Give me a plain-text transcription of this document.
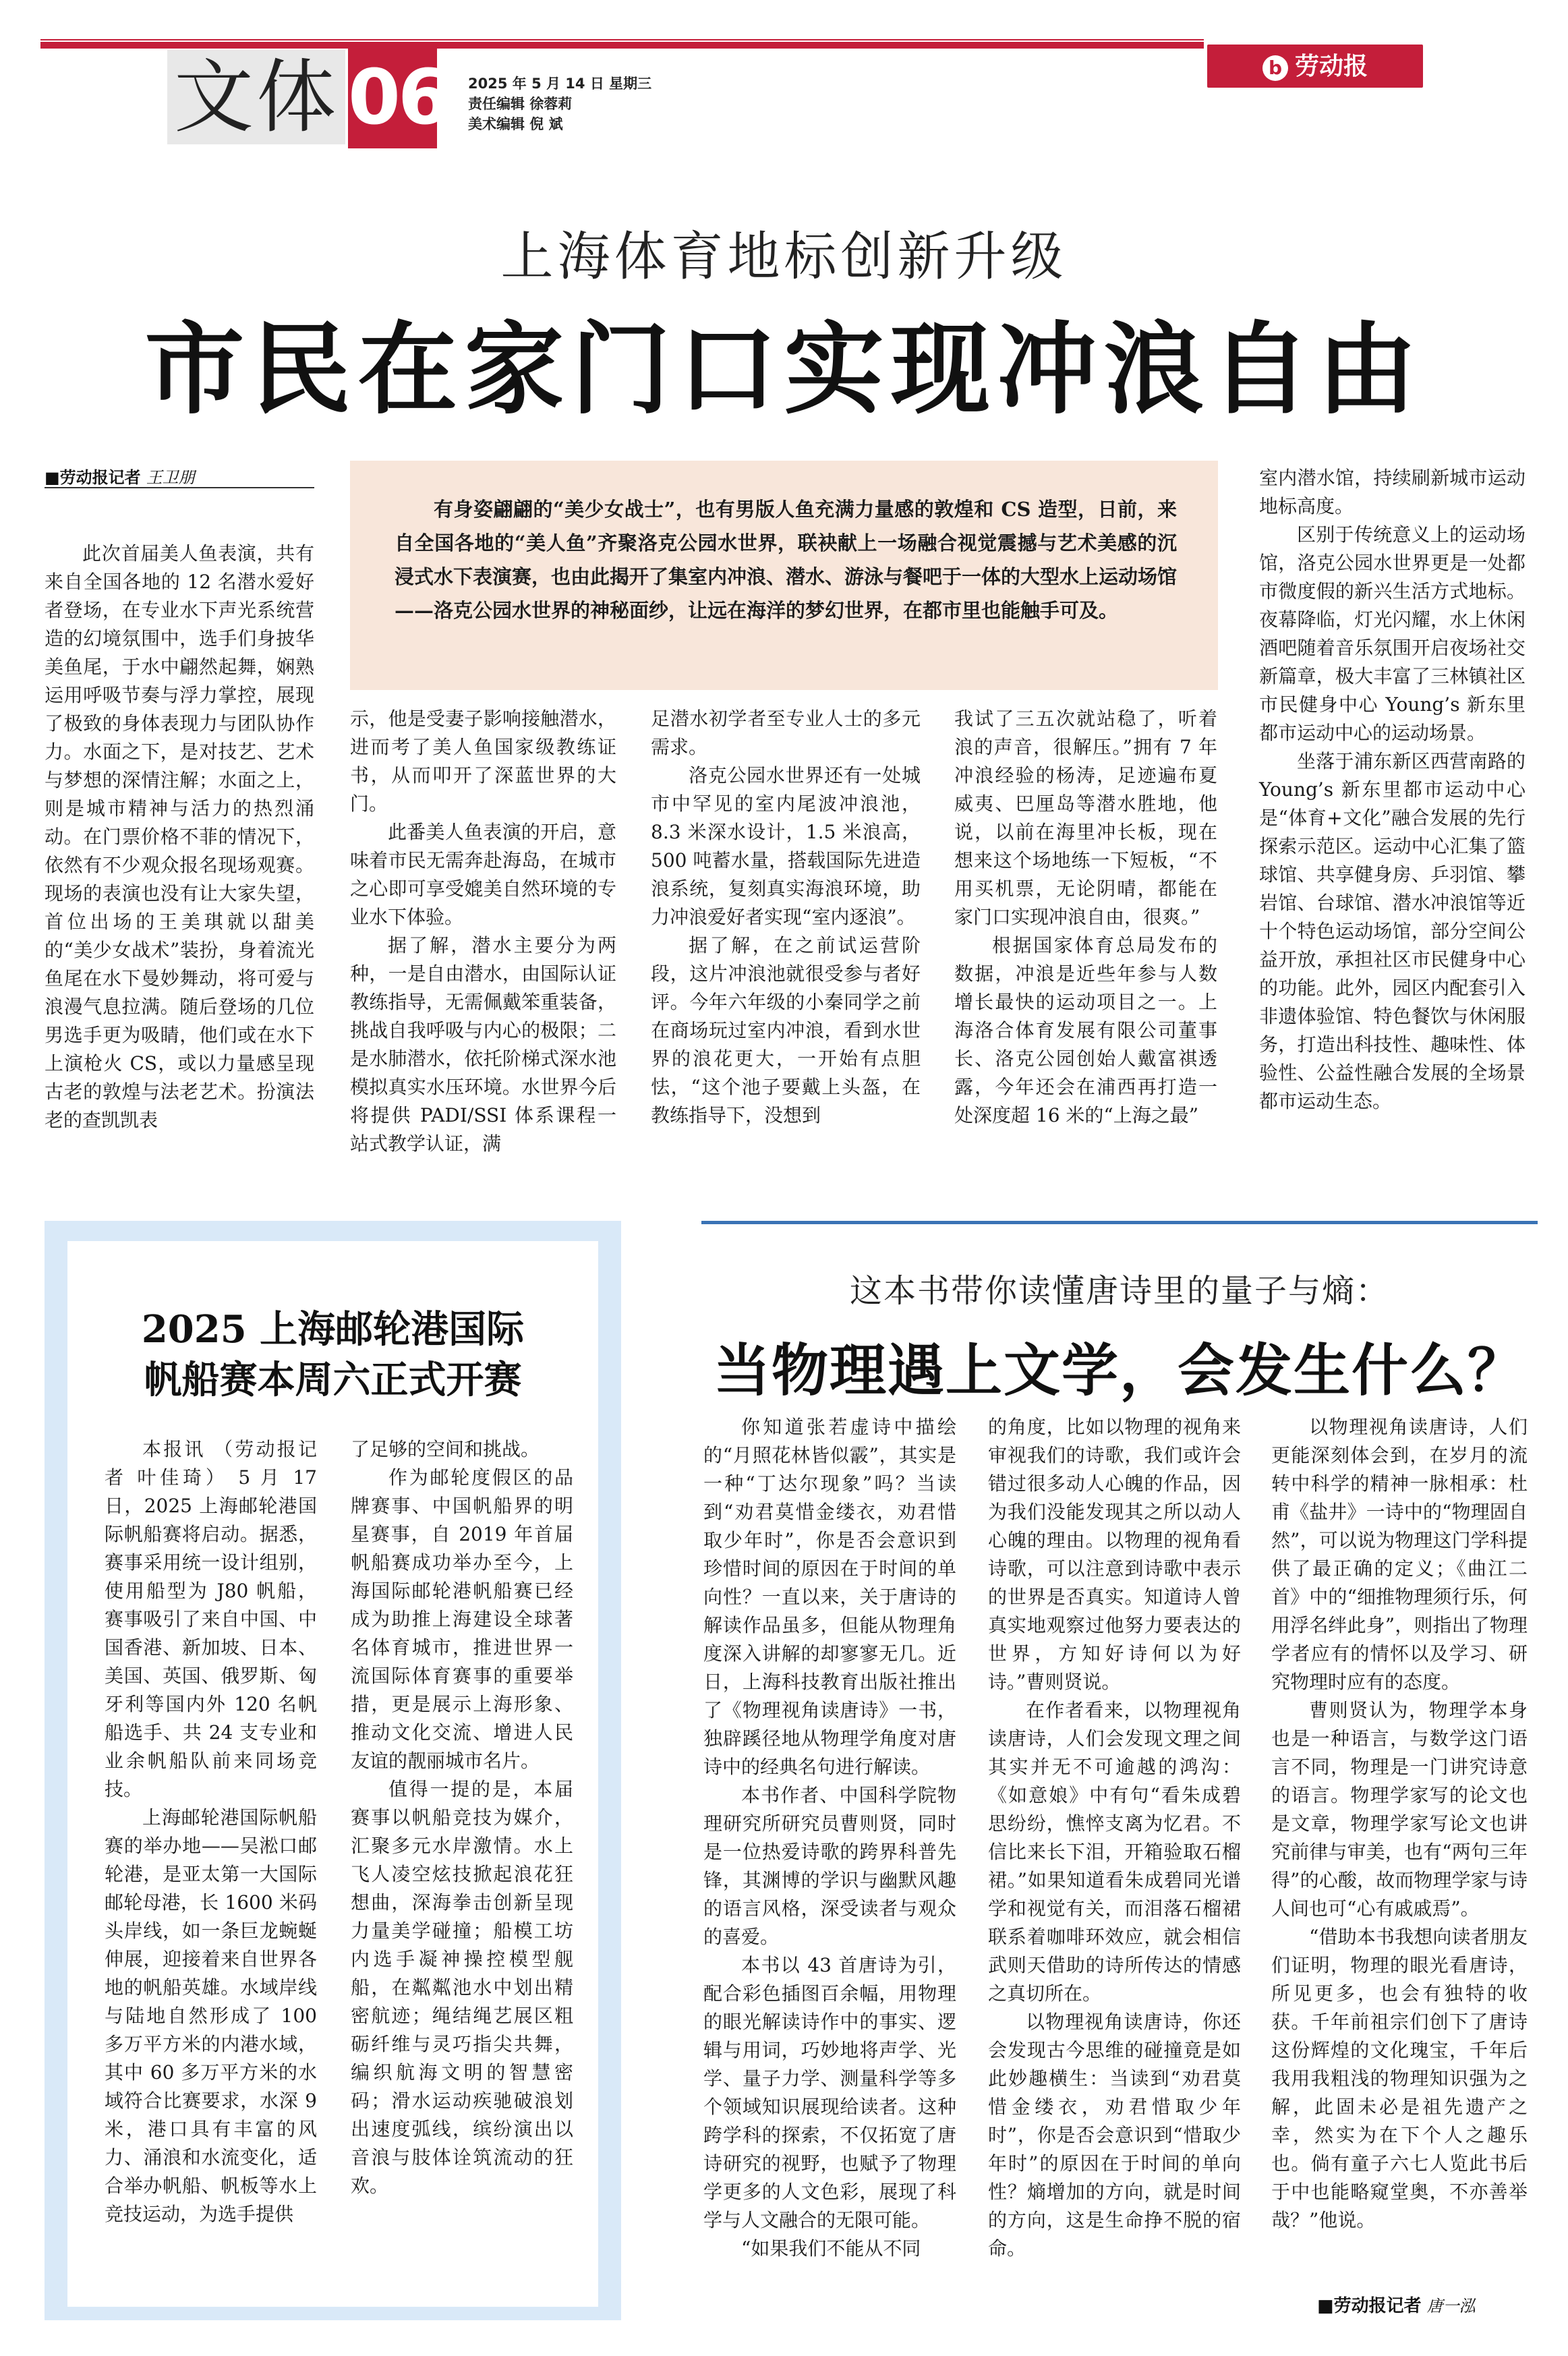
文体 06 2025 年 5 月 14 日 星期三
责任编辑 徐蓉莉
美术编辑 倪 斌
b 劳动报
上海体育地标创新升级
市民在家门口实现冲浪自由
■劳动报记者 王卫朋

有身姿翩翩的“美少女战士”，也有男版人鱼充满力量感的敦煌和 CS 造型，日前，来自全国各地的“美人鱼”齐聚洛克公园水世界，联袂献上一场融合视觉震撼与艺术美感的沉浸式水下表演赛，也由此揭开了集室内冲浪、潜水、游泳与餐吧于一体的大型水上运动场馆——洛克公园水世界的神秘面纱，让远在海洋的梦幻世界，在都市里也能触手可及。

此次首届美人鱼表演，共有来自全国各地的 12 名潜水爱好者登场，在专业水下声光系统营造的幻境氛围中，选手们身披华美鱼尾，于水中翩然起舞，娴熟运用呼吸节奏与浮力掌控，展现了极致的身体表现力与团队协作力。水面之下，是对技艺、艺术与梦想的深情注解；水面之上，则是城市精神与活力的热烈涌动。在门票价格不菲的情况下，依然有不少观众报名现场观赛。现场的表演也没有让大家失望，首位出场的王美琪就以甜美的“美少女战术”装扮，身着流光鱼尾在水下曼妙舞动，将可爱与浪漫气息拉满。随后登场的几位男选手更为吸睛，他们或在水下上演枪火 CS，或以力量感呈现古老的敦煌与法老艺术。扮演法老的查凯凯表

示，他是受妻子影响接触潜水，进而考了美人鱼国家级教练证书，从而叩开了深蓝世界的大门。

此番美人鱼表演的开启，意味着市民无需奔赴海岛，在城市之心即可享受媲美自然环境的专业水下体验。

据了解，潜水主要分为两种，一是自由潜水，由国际认证教练指导，无需佩戴笨重装备，挑战自我呼吸与内心的极限；二是水肺潜水，依托阶梯式深水池模拟真实水压环境。水世界今后将提供 PADI/SSI 体系课程一站式教学认证，满

足潜水初学者至专业人士的多元需求。

洛克公园水世界还有一处城市中罕见的室内尾波冲浪池，8.3 米深水设计，1.5 米浪高，500 吨蓄水量，搭载国际先进造浪系统，复刻真实海浪环境，助力冲浪爱好者实现“室内逐浪”。

据了解，在之前试运营阶段，这片冲浪池就很受参与者好评。今年六年级的小秦同学之前在商场玩过室内冲浪，看到水世界的浪花更大，一开始有点胆怯，“这个池子要戴上头盔，在教练指导下，没想到

我试了三五次就站稳了，听着浪的声音，很解压。”拥有 7 年冲浪经验的杨涛，足迹遍布夏威夷、巴厘岛等潜水胜地，他说，以前在海里冲长板，现在想来这个场地练一下短板，“不用买机票，无论阴晴，都能在家门口实现冲浪自由，很爽。”

根据国家体育总局发布的数据，冲浪是近些年参与人数增长最快的运动项目之一。上海洛合体育发展有限公司董事长、洛克公园创始人戴富祺透露，今年还会在浦西再打造一处深度超 16 米的“上海之最”

室内潜水馆，持续刷新城市运动地标高度。

区别于传统意义上的运动场馆，洛克公园水世界更是一处都市微度假的新兴生活方式地标。夜幕降临，灯光闪耀，水上休闲酒吧随着音乐氛围开启夜场社交新篇章，极大丰富了三林镇社区市民健身中心 Young’s 新东里都市运动中心的运动场景。

坐落于浦东新区西营南路的 Young’s 新东里都市运动中心是“体育+文化”融合发展的先行探索示范区。运动中心汇集了篮球馆、共享健身房、乒羽馆、攀岩馆、台球馆、潜水冲浪馆等近十个特色运动场馆，部分空间公益开放，承担社区市民健身中心的功能。此外，园区内配套引入非遗体验馆、特色餐饮与休闲服务，打造出科技性、趣味性、体验性、公益性融合发展的全场景都市运动生态。

2025 上海邮轮港国际
帆船赛本周六正式开赛

本报讯 （劳动报记者 叶佳琦） 5 月 17 日，2025 上海邮轮港国际帆船赛将启动。据悉，赛事采用统一设计组别，使用船型为 J80 帆船，赛事吸引了来自中国、中国香港、新加坡、日本、美国、英国、俄罗斯、匈牙利等国内外 120 名帆船选手、共 24 支专业和业余帆船队前来同场竞技。

上海邮轮港国际帆船赛的举办地——吴淞口邮轮港，是亚太第一大国际邮轮母港，长 1600 米码头岸线，如一条巨龙蜿蜒伸展，迎接着来自世界各地的帆船英雄。水域岸线与陆地自然形成了 100 多万平方米的内港水域，其中 60 多万平方米的水域符合比赛要求，水深 9 米，港口具有丰富的风力、涌浪和水流变化，适合举办帆船、帆板等水上竞技运动，为选手提供

了足够的空间和挑战。

作为邮轮度假区的品牌赛事、中国帆船界的明星赛事，自 2019 年首届帆船赛成功举办至今，上海国际邮轮港帆船赛已经成为助推上海建设全球著名体育城市，推进世界一流国际体育赛事的重要举措，更是展示上海形象、推动文化交流、增进人民友谊的靓丽城市名片。

值得一提的是，本届赛事以帆船竞技为媒介，汇聚多元水岸激情。水上飞人凌空炫技掀起浪花狂想曲，深海拳击创新呈现力量美学碰撞；船模工坊内选手凝神操控模型舰船，在粼粼池水中划出精密航迹；绳结绳艺展区粗砺纤维与灵巧指尖共舞，编织航海文明的智慧密码；滑水运动疾驰破浪划出速度弧线，缤纷演出以音浪与肢体诠筑流动的狂欢。

这本书带你读懂唐诗里的量子与熵：
当物理遇上文学，会发生什么？

你知道张若虚诗中描绘的“月照花林皆似霰”，其实是一种“丁达尔现象”吗？当读到“劝君莫惜金缕衣，劝君惜取少年时”，你是否会意识到珍惜时间的原因在于时间的单向性？一直以来，关于唐诗的解读作品虽多，但能从物理角度深入讲解的却寥寥无几。近日，上海科技教育出版社推出了《物理视角读唐诗》一书，独辟蹊径地从物理学角度对唐诗中的经典名句进行解读。

本书作者、中国科学院物理研究所研究员曹则贤，同时是一位热爱诗歌的跨界科普先锋，其渊博的学识与幽默风趣的语言风格，深受读者与观众的喜爱。

本书以 43 首唐诗为引，配合彩色插图百余幅，用物理的眼光解读诗作中的事实、逻辑与用词，巧妙地将声学、光学、量子力学、测量科学等多个领域知识展现给读者。这种跨学科的探索，不仅拓宽了唐诗研究的视野，也赋予了物理学更多的人文色彩，展现了科学与人文融合的无限可能。

“如果我们不能从不同

的角度，比如以物理的视角来审视我们的诗歌，我们或许会错过很多动人心魄的作品，因为我们没能发现其之所以动人心魄的理由。以物理的视角看诗歌，可以注意到诗歌中表示的世界是否真实。知道诗人曾真实地观察过他努力要表达的世界，方知好诗何以为好诗。”曹则贤说。

在作者看来，以物理视角读唐诗，人们会发现文理之间其实并无不可逾越的鸿沟：《如意娘》中有句“看朱成碧思纷纷，憔悴支离为忆君。不信比来长下泪，开箱验取石榴裙。”如果知道看朱成碧同光谱学和视觉有关，而泪落石榴裙联系着咖啡环效应，就会相信武则天借助的诗所传达的情感之真切所在。

以物理视角读唐诗，你还会发现古今思维的碰撞竟是如此妙趣横生：当读到“劝君莫惜金缕衣，劝君惜取少年时”，你是否会意识到“惜取少年时”的原因在于时间的单向性？熵增加的方向，就是时间的方向，这是生命挣不脱的宿命。

以物理视角读唐诗，人们更能深刻体会到，在岁月的流转中科学的精神一脉相承：杜甫《盐井》一诗中的“物理固自然”，可以说为物理这门学科提供了最正确的定义；《曲江二首》中的“细推物理须行乐，何用浮名绊此身”，则指出了物理学者应有的情怀以及学习、研究物理时应有的态度。

曹则贤认为，物理学本身也是一种语言，与数学这门语言不同，物理是一门讲究诗意的语言。物理学家写的论文也是文章，物理学家写论文也讲究前律与审美，也有“两句三年得”的心酸，故而物理学家与诗人间也可“心有戚戚焉”。

“借助本书我想向读者朋友们证明，物理的眼光看唐诗，所见更多，也会有独特的收获。千年前祖宗们创下了唐诗这份辉煌的文化瑰宝，千年后我用我粗浅的物理知识强为之解，此固未必是祖先遗产之幸，然实为在下个人之趣乐也。倘有童子六七人览此书后于中也能略窥堂奥，不亦善举哉？”他说。

■劳动报记者 唐一泓
